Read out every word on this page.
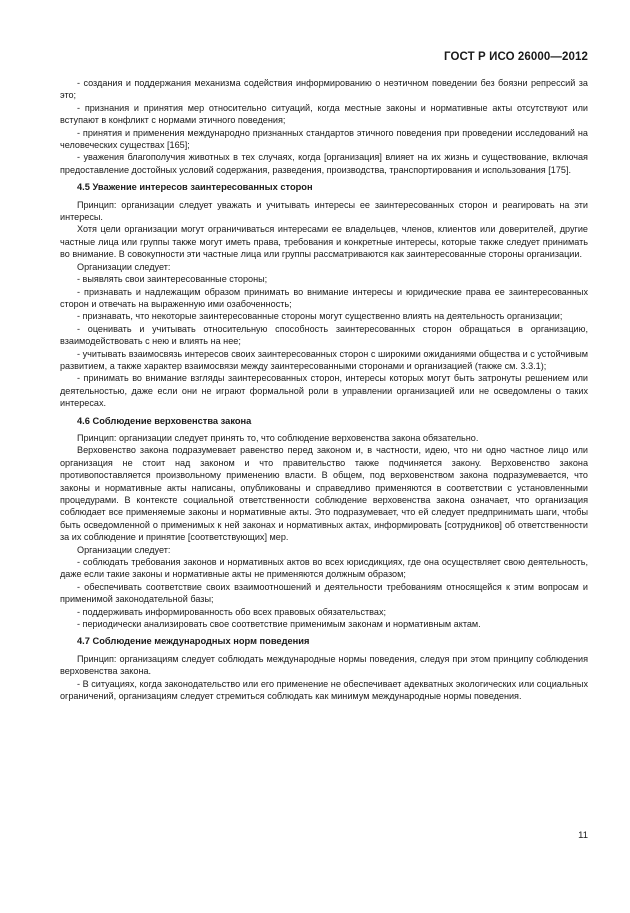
ГОСТ Р ИСО 26000—2012

- создания и поддержания механизма содействия информированию о неэтичном поведении без боязни репрессий за это;

- признания и принятия мер относительно ситуаций, когда местные законы и нормативные акты отсутствуют или вступают в конфликт с нормами этичного поведения;

- принятия и применения международно признанных стандартов этичного поведения при проведении исследований на человеческих существах [165];

- уважения благополучия животных в тех случаях, когда [организация] влияет на их жизнь и существование, включая предоставление достойных условий содержания, разведения, производства, транспортирования и использования [175].

4.5 Уважение интересов заинтересованных сторон

Принцип: организации следует уважать и учитывать интересы ее заинтересованных сторон и реагировать на эти интересы.

Хотя цели организации могут ограничиваться интересами ее владельцев, членов, клиентов или доверителей, другие частные лица или группы также могут иметь права, требования и конкретные интересы, которые также следует принимать во внимание. В совокупности эти частные лица или группы рассматриваются как заинтересованные стороны организации.

Организации следует:

- выявлять свои заинтересованные стороны;

- признавать и надлежащим образом принимать во внимание интересы и юридические права ее заинтересованных сторон и отвечать на выраженную ими озабоченность;

- признавать, что некоторые заинтересованные стороны могут существенно влиять на деятельность организации;

- оценивать и учитывать относительную способность заинтересованных сторон обращаться в организацию, взаимодействовать с нею и влиять на нее;

- учитывать взаимосвязь интересов своих заинтересованных сторон с широкими ожиданиями общества и с устойчивым развитием, а также характер взаимосвязи между заинтересованными сторонами и организацией (также см. 3.3.1);

- принимать во внимание взгляды заинтересованных сторон, интересы которых могут быть затронуты решением или деятельностью, даже если они не играют формальной роли в управлении организацией или не осведомлены о таких интересах.

4.6 Соблюдение верховенства закона

Принцип: организации следует принять то, что соблюдение верховенства закона обязательно.

Верховенство закона подразумевает равенство перед законом и, в частности, идею, что ни одно частное лицо или организация не стоит над законом и что правительство также подчиняется закону. Верховенство закона противопоставляется произвольному применению власти. В общем, под верховенством закона подразумевается, что законы и нормативные акты написаны, опубликованы и справедливо применяются в соответствии с установленными процедурами. В контексте социальной ответственности соблюдение верховенства закона означает, что организация соблюдает все применяемые законы и нормативные акты. Это подразумевает, что ей следует предпринимать шаги, чтобы быть осведомленной о применимых к ней законах и нормативных актах, информировать [сотрудников] об ответственности за их соблюдение и принятие [соответствующих] мер.

Организации следует:

- соблюдать требования законов и нормативных актов во всех юрисдикциях, где она осуществляет свою деятельность, даже если такие законы и нормативные акты не применяются должным образом;

- обеспечивать соответствие своих взаимоотношений и деятельности требованиям относящейся к этим вопросам и применимой законодательной базы;

- поддерживать информированность обо всех правовых обязательствах;

- периодически анализировать свое соответствие применимым законам и нормативным актам.

4.7 Соблюдение международных норм поведения

Принцип: организациям следует соблюдать международные нормы поведения, следуя при этом принципу соблюдения верховенства закона.

- В ситуациях, когда законодательство или его применение не обеспечивает адекватных экологических или социальных ограничений, организациям следует стремиться соблюдать как минимум международные нормы поведения.

11
